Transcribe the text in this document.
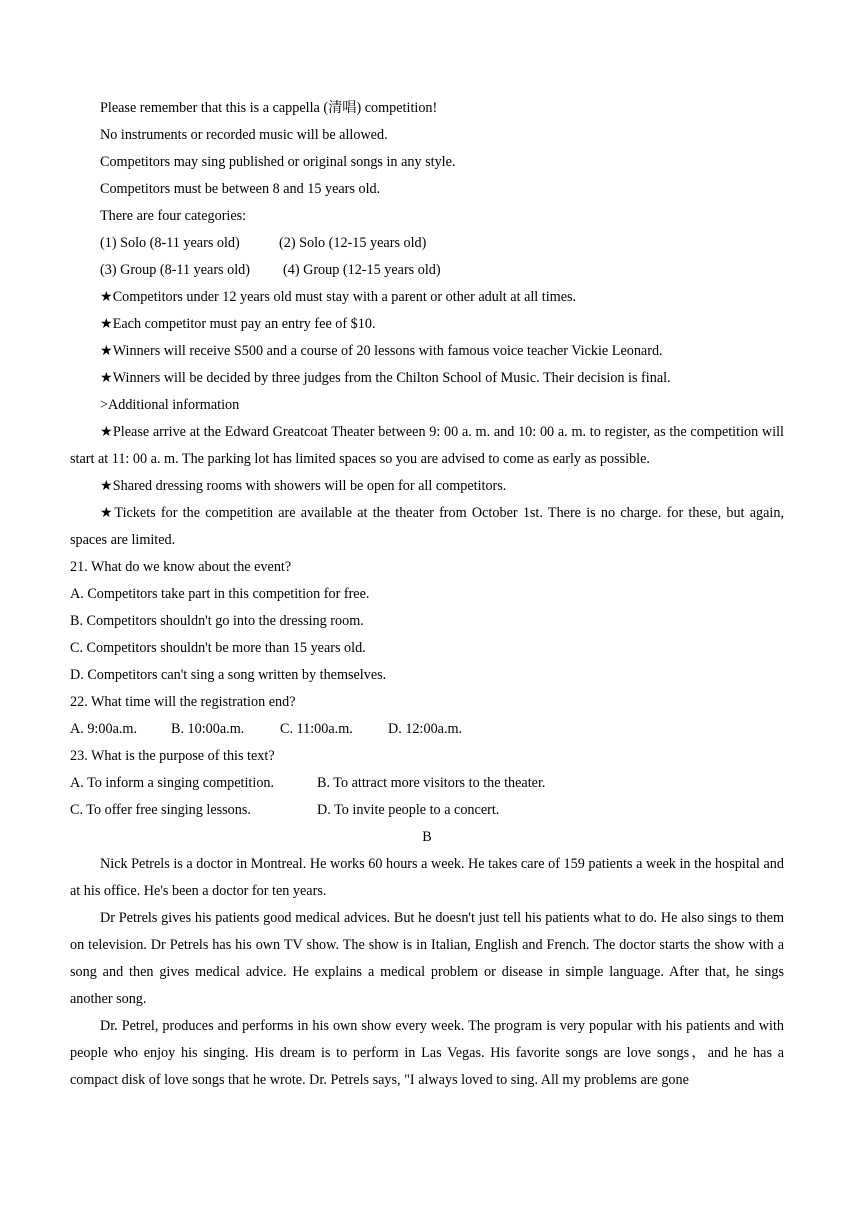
Please remember that this is a cappella (清唱) competition!

No instruments or recorded music will be allowed.

Competitors may sing published or original songs in any style.

Competitors must be between 8 and 15 years old.

There are four categories:

(1) Solo (8-11 years old)	(2) Solo (12-15 years old)

(3) Group (8-11 years old) (4) Group (12-15 years old)

★Competitors under 12 years old must stay with a parent or other adult at all times.

★Each competitor must pay an entry fee of $10.

★Winners will receive S500 and a course of 20 lessons with famous voice teacher Vickie Leonard.

★Winners will be decided by three judges from the Chilton School of Music. Their decision is final.

>Additional information

★Please arrive at the Edward Greatcoat Theater between 9: 00 a. m. and 10: 00 a. m. to register, as the competition will start at 11: 00 a. m. The parking lot has limited spaces so you are advised to come as early as possible.

★Shared dressing rooms with showers will be open for all competitors.

★Tickets for the competition are available at the theater from October 1st. There is no charge. for these, but again, spaces are limited.

21. What do we know about the event?

A. Competitors take part in this competition for free.

B. Competitors shouldn't go into the dressing room.

C. Competitors shouldn't be more than 15 years old.

D. Competitors can't sing a song written by themselves.

22. What time will the registration end?

A. 9:00a.m. B. 10:00a.m.	C. 11:00a.m. D. 12:00a.m.

23. What is the purpose of this text?

A. To inform a singing competition.	B. To attract more visitors to the theater.

C. To offer free singing lessons.	D. To invite people to a concert.

B

Nick Petrels is a doctor in Montreal. He works 60 hours a week. He takes care of 159 patients a week in the hospital and at his office. He's been a doctor for ten years.

Dr Petrels gives his patients good medical advices. But he doesn't just tell his patients what to do. He also sings to them on television. Dr Petrels has his own TV show. The show is in Italian, English and French. The doctor starts the show with a song and then gives medical advice. He explains a medical problem or disease in simple language. After that, he sings another song.

Dr. Petrel, produces and performs in his own show every week. The program is very popular with his patients and with people who enjoy his singing. His dream is to perform in Las Vegas. His favorite songs are love songs，and he has a compact disk of love songs that he wrote. Dr. Petrels says, "I always loved to sing. All my problems are gone
